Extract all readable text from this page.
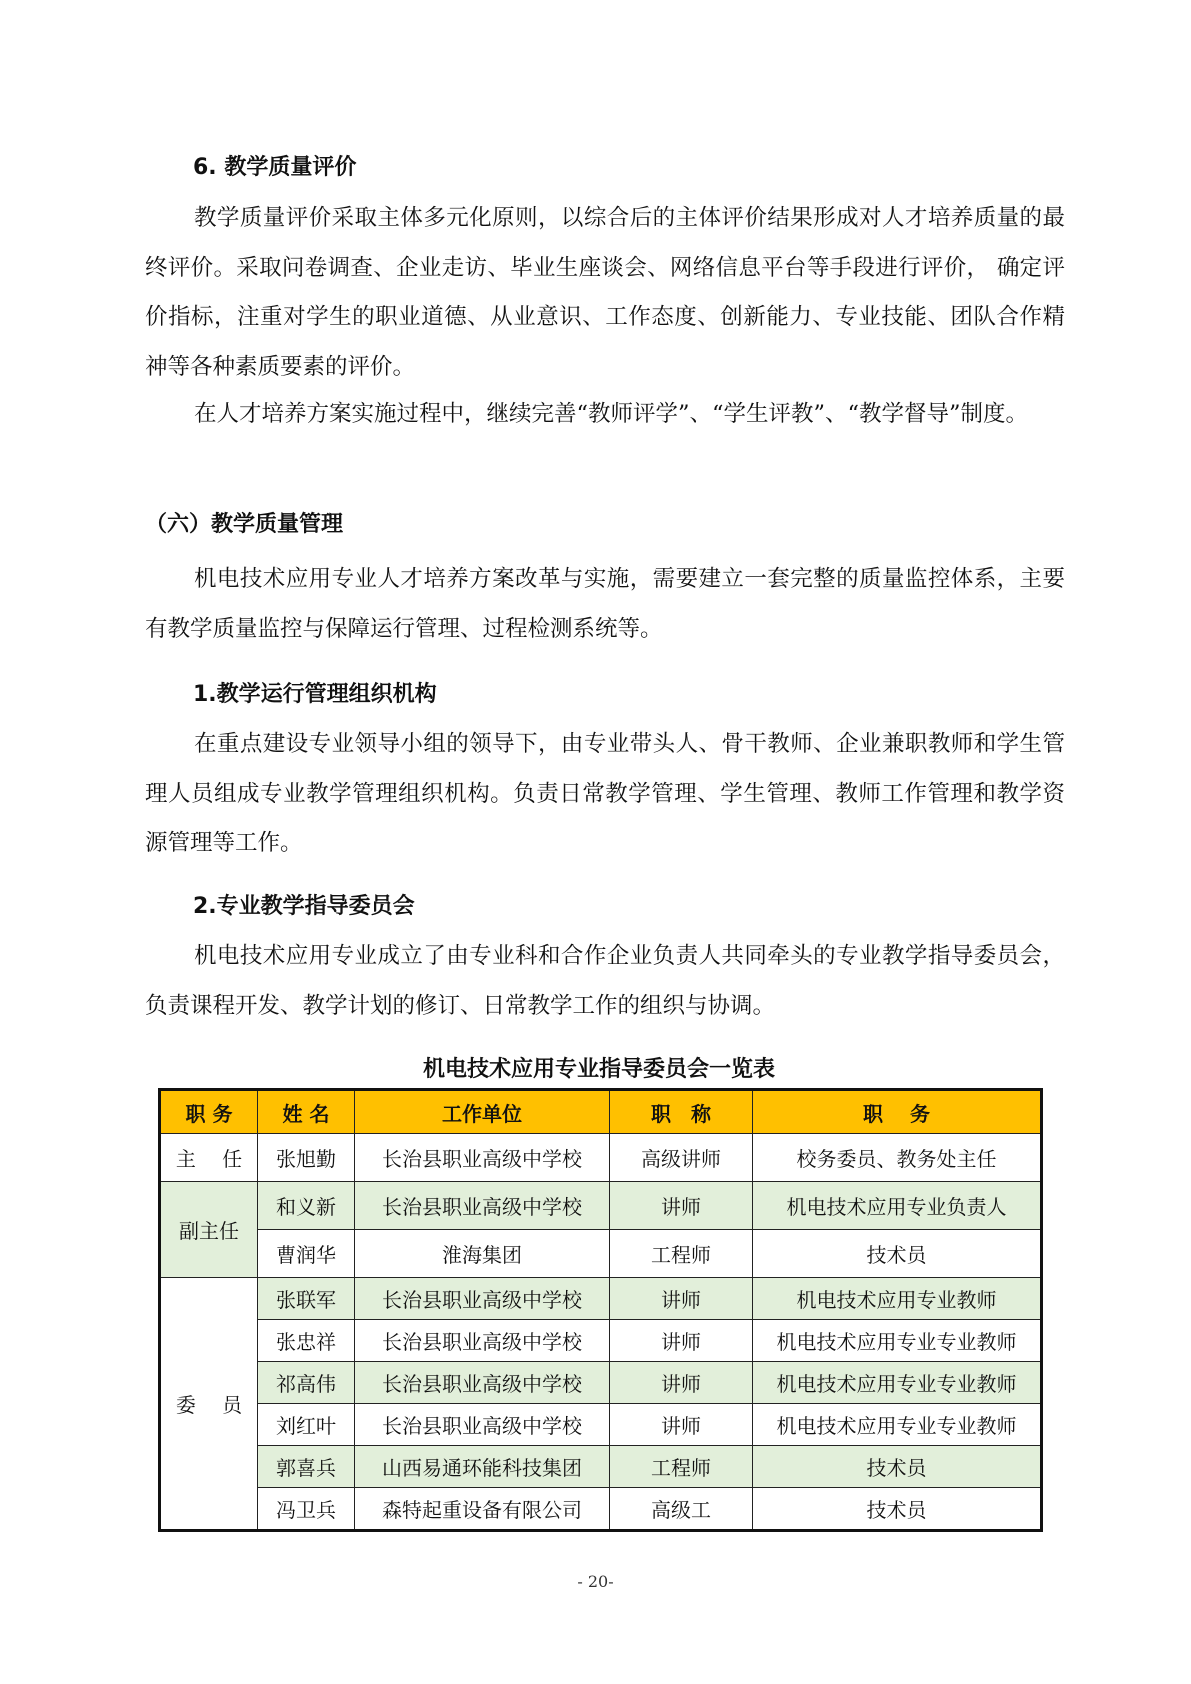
6. 教学质量评价

教学质量评价采取主体多元化原则，以综合后的主体评价结果形成对人才培养质量的最终评价。采取问卷调查、企业走访、毕业生座谈会、网络信息平台等手段进行评价， 确定评价指标，注重对学生的职业道德、从业意识、工作态度、创新能力、专业技能、团队合作精神等各种素质要素的评价。

在人才培养方案实施过程中，继续完善“教师评学”、“学生评教”、“教学督导”制度。

（六）教学质量管理

机电技术应用专业人才培养方案改革与实施，需要建立一套完整的质量监控体系，主要有教学质量监控与保障运行管理、过程检测系统等。

1.教学运行管理组织机构

在重点建设专业领导小组的领导下，由专业带头人、骨干教师、企业兼职教师和学生管理人员组成专业教学管理组织机构。负责日常教学管理、学生管理、教师工作管理和教学资源管理等工作。

2.专业教学指导委员会

机电技术应用专业成立了由专业科和合作企业负责人共同牵头的专业教学指导委员会，负责课程开发、教学计划的修订、日常教学工作的组织与协调。

机电技术应用专业指导委员会一览表
职 务	姓 名	工作单位	职　称	职　 务
主　 任	张旭勤	长治县职业高级中学校	高级讲师	校务委员、教务处主任
副主任	和义新	长治县职业高级中学校	讲师	机电技术应用专业负责人
	曹润华	淮海集团	工程师	技术员
委　 员	张联军	长治县职业高级中学校	讲师	机电技术应用专业教师
	张忠祥	长治县职业高级中学校	讲师	机电技术应用专业专业教师
	祁高伟	长治县职业高级中学校	讲师	机电技术应用专业专业教师
	刘红叶	长治县职业高级中学校	讲师	机电技术应用专业专业教师
	郭喜兵	山西易通环能科技集团	工程师	技术员
	冯卫兵	森特起重设备有限公司	高级工	技术员
- 20-
